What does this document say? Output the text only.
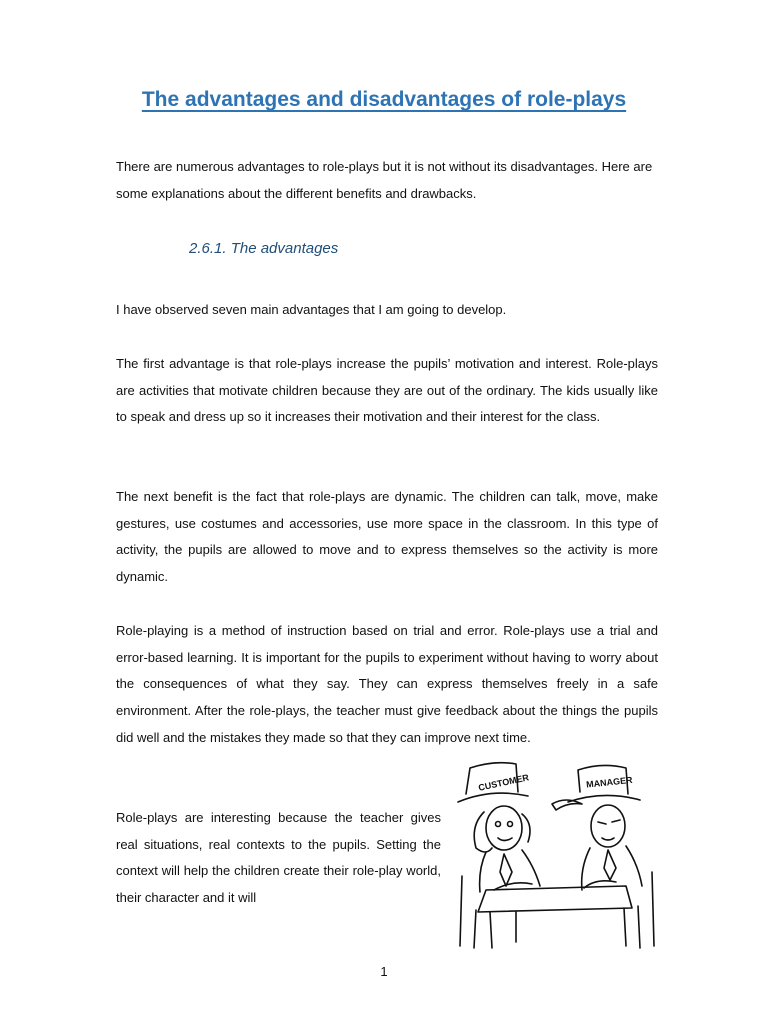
The advantages and disadvantages of role-plays

There are numerous advantages to role-plays but it is not without its disadvantages. Here are some explanations about the different benefits and drawbacks.

2.6.1. The advantages

I have observed seven main advantages that I am going to develop.

The first advantage is that role-plays increase the pupils’ motivation and interest. Role-plays are activities that motivate children because they are out of the ordinary. The kids usually like to speak and dress up so it increases their motivation and their interest for the class.

The next benefit is the fact that role-plays are dynamic. The children can talk, move, make gestures, use costumes and accessories, use more space in the classroom. In this type of activity, the pupils are allowed to move and to express themselves so the activity is more dynamic.

Role-playing is a method of instruction based on trial and error. Role-plays use a trial and error-based learning. It is important for the pupils to experiment without having to worry about the consequences of what they say. They can express themselves freely in a safe environment. After the role-plays, the teacher must give feedback about the things the pupils did well and the mistakes they made so that they can improve next time.

Role-plays are interesting because the teacher gives real situations, real contexts to the pupils. Setting the context will help the children create their role-play world, their character and it will

CUSTOMER	MANAGER
1
